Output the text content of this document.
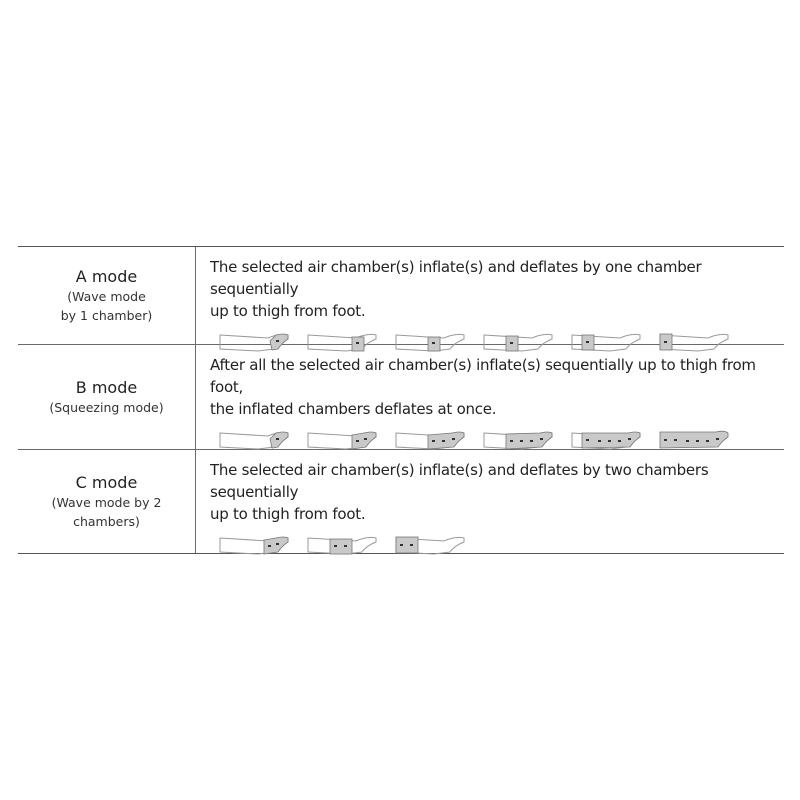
A mode
(Wave mode
by 1 chamber)

The selected air chamber(s) inflate(s) and deflates by one chamber sequentially
up to thigh from foot.

B mode
(Squeezing mode)

After all the selected air chamber(s) inflate(s) sequentially up to thigh from foot,
the inflated chambers deflates at once.

C mode
(Wave mode by 2
chambers)

The selected air chamber(s) inflate(s) and deflates by two chambers sequentially
up to thigh from foot.
